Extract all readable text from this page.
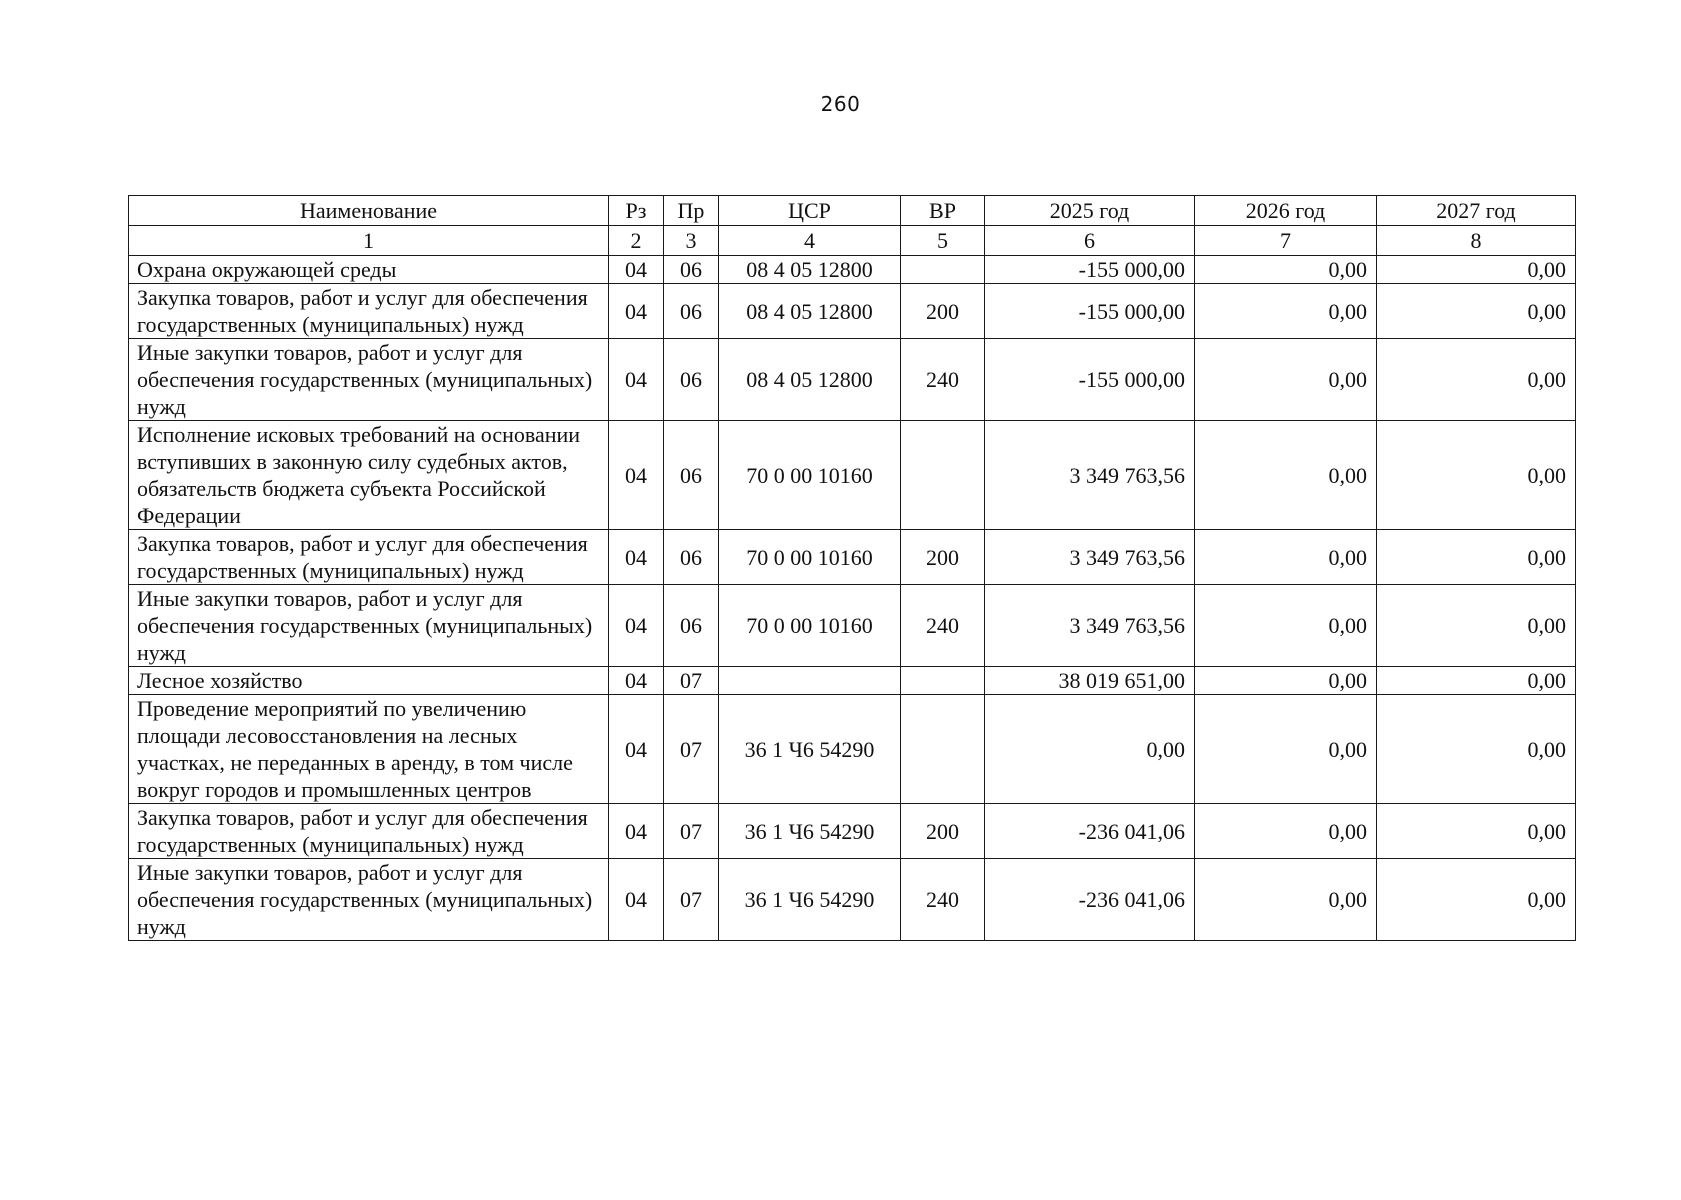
260
Наименование	Рз	Пр	ЦСР	ВР	2025 год	2026 год	2027 год
1	2	3	4	5	6	7	8
Охрана окружающей среды	04	06	08 4 05 12800		-155 000,00	0,00	0,00
Закупка товаров, работ и услуг для обеспечения государственных (муниципальных) нужд	04	06	08 4 05 12800	200	-155 000,00	0,00	0,00
Иные закупки товаров, работ и услуг для обеспечения государственных (муниципальных) нужд	04	06	08 4 05 12800	240	-155 000,00	0,00	0,00
Исполнение исковых требований на основании вступивших в законную силу судебных актов, обязательств бюджета субъекта Российской Федерации	04	06	70 0 00 10160		3 349 763,56	0,00	0,00
Закупка товаров, работ и услуг для обеспечения государственных (муниципальных) нужд	04	06	70 0 00 10160	200	3 349 763,56	0,00	0,00
Иные закупки товаров, работ и услуг для обеспечения государственных (муниципальных) нужд	04	06	70 0 00 10160	240	3 349 763,56	0,00	0,00
Лесное хозяйство	04	07			38 019 651,00	0,00	0,00
Проведение мероприятий по увеличению площади лесовосстановления на лесных участках, не переданных в аренду, в том числе вокруг городов и промышленных центров	04	07	36 1 Ч6 54290		0,00	0,00	0,00
Закупка товаров, работ и услуг для обеспечения государственных (муниципальных) нужд	04	07	36 1 Ч6 54290	200	-236 041,06	0,00	0,00
Иные закупки товаров, работ и услуг для обеспечения государственных (муниципальных) нужд	04	07	36 1 Ч6 54290	240	-236 041,06	0,00	0,00
